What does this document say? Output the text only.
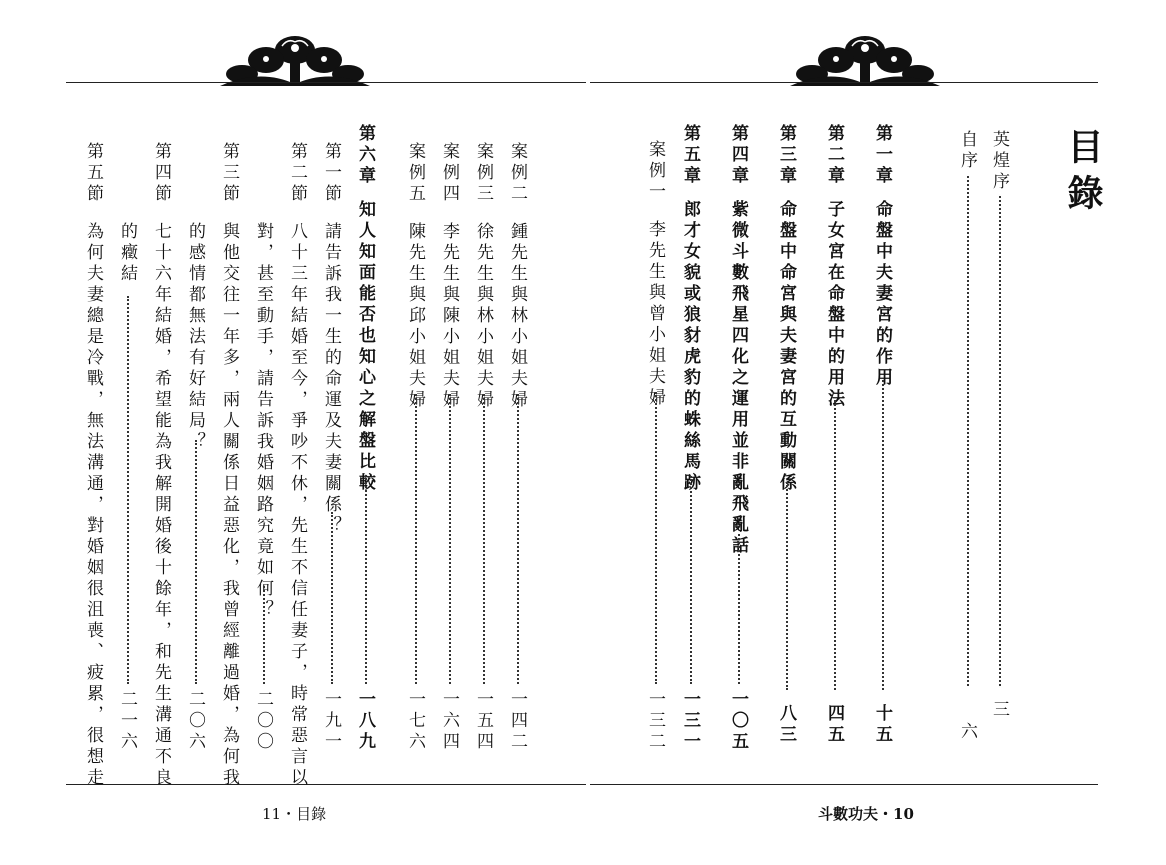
目錄
英煌序
三
自序
六
第一章
命盤中夫妻宮的作用
十五
第二章
子女宮在命盤中的用法
四五
第三章
命盤中命宮與夫妻宮的互動關係
八三
第四章
紫微斗數飛星四化之運用並非亂飛亂話
一〇五
第五章
郎才女貌或狼豺虎豹的蛛絲馬跡
一三一
案例一
李先生與曾小姐夫婦
一三二
案例二
鍾先生與林小姐夫婦
一四二
案例三
徐先生與林小姐夫婦
一五四
案例四
李先生與陳小姐夫婦
一六四
案例五
陳先生與邱小姐夫婦
一七六
第六章
知人知面能否也知心之解盤比較
一八九
第一節
請告訴我一生的命運及夫妻關係？
一九一
第二節
八十三年結婚至今，爭吵不休，先生不信任妻子，時常惡言以
對，甚至動手，請告訴我婚姻路究竟如何？
二〇〇
第三節
與他交往一年多，兩人關係日益惡化，我曾經離過婚，為何我
的感情都無法有好結局？
二〇六
第四節
七十六年結婚，希望能為我解開婚後十餘年，和先生溝通不良
的癥結
二一六
第五節
為何夫妻總是冷戰，無法溝通，對婚姻很沮喪、疲累，很想走
11・目錄	斗數功夫・10
